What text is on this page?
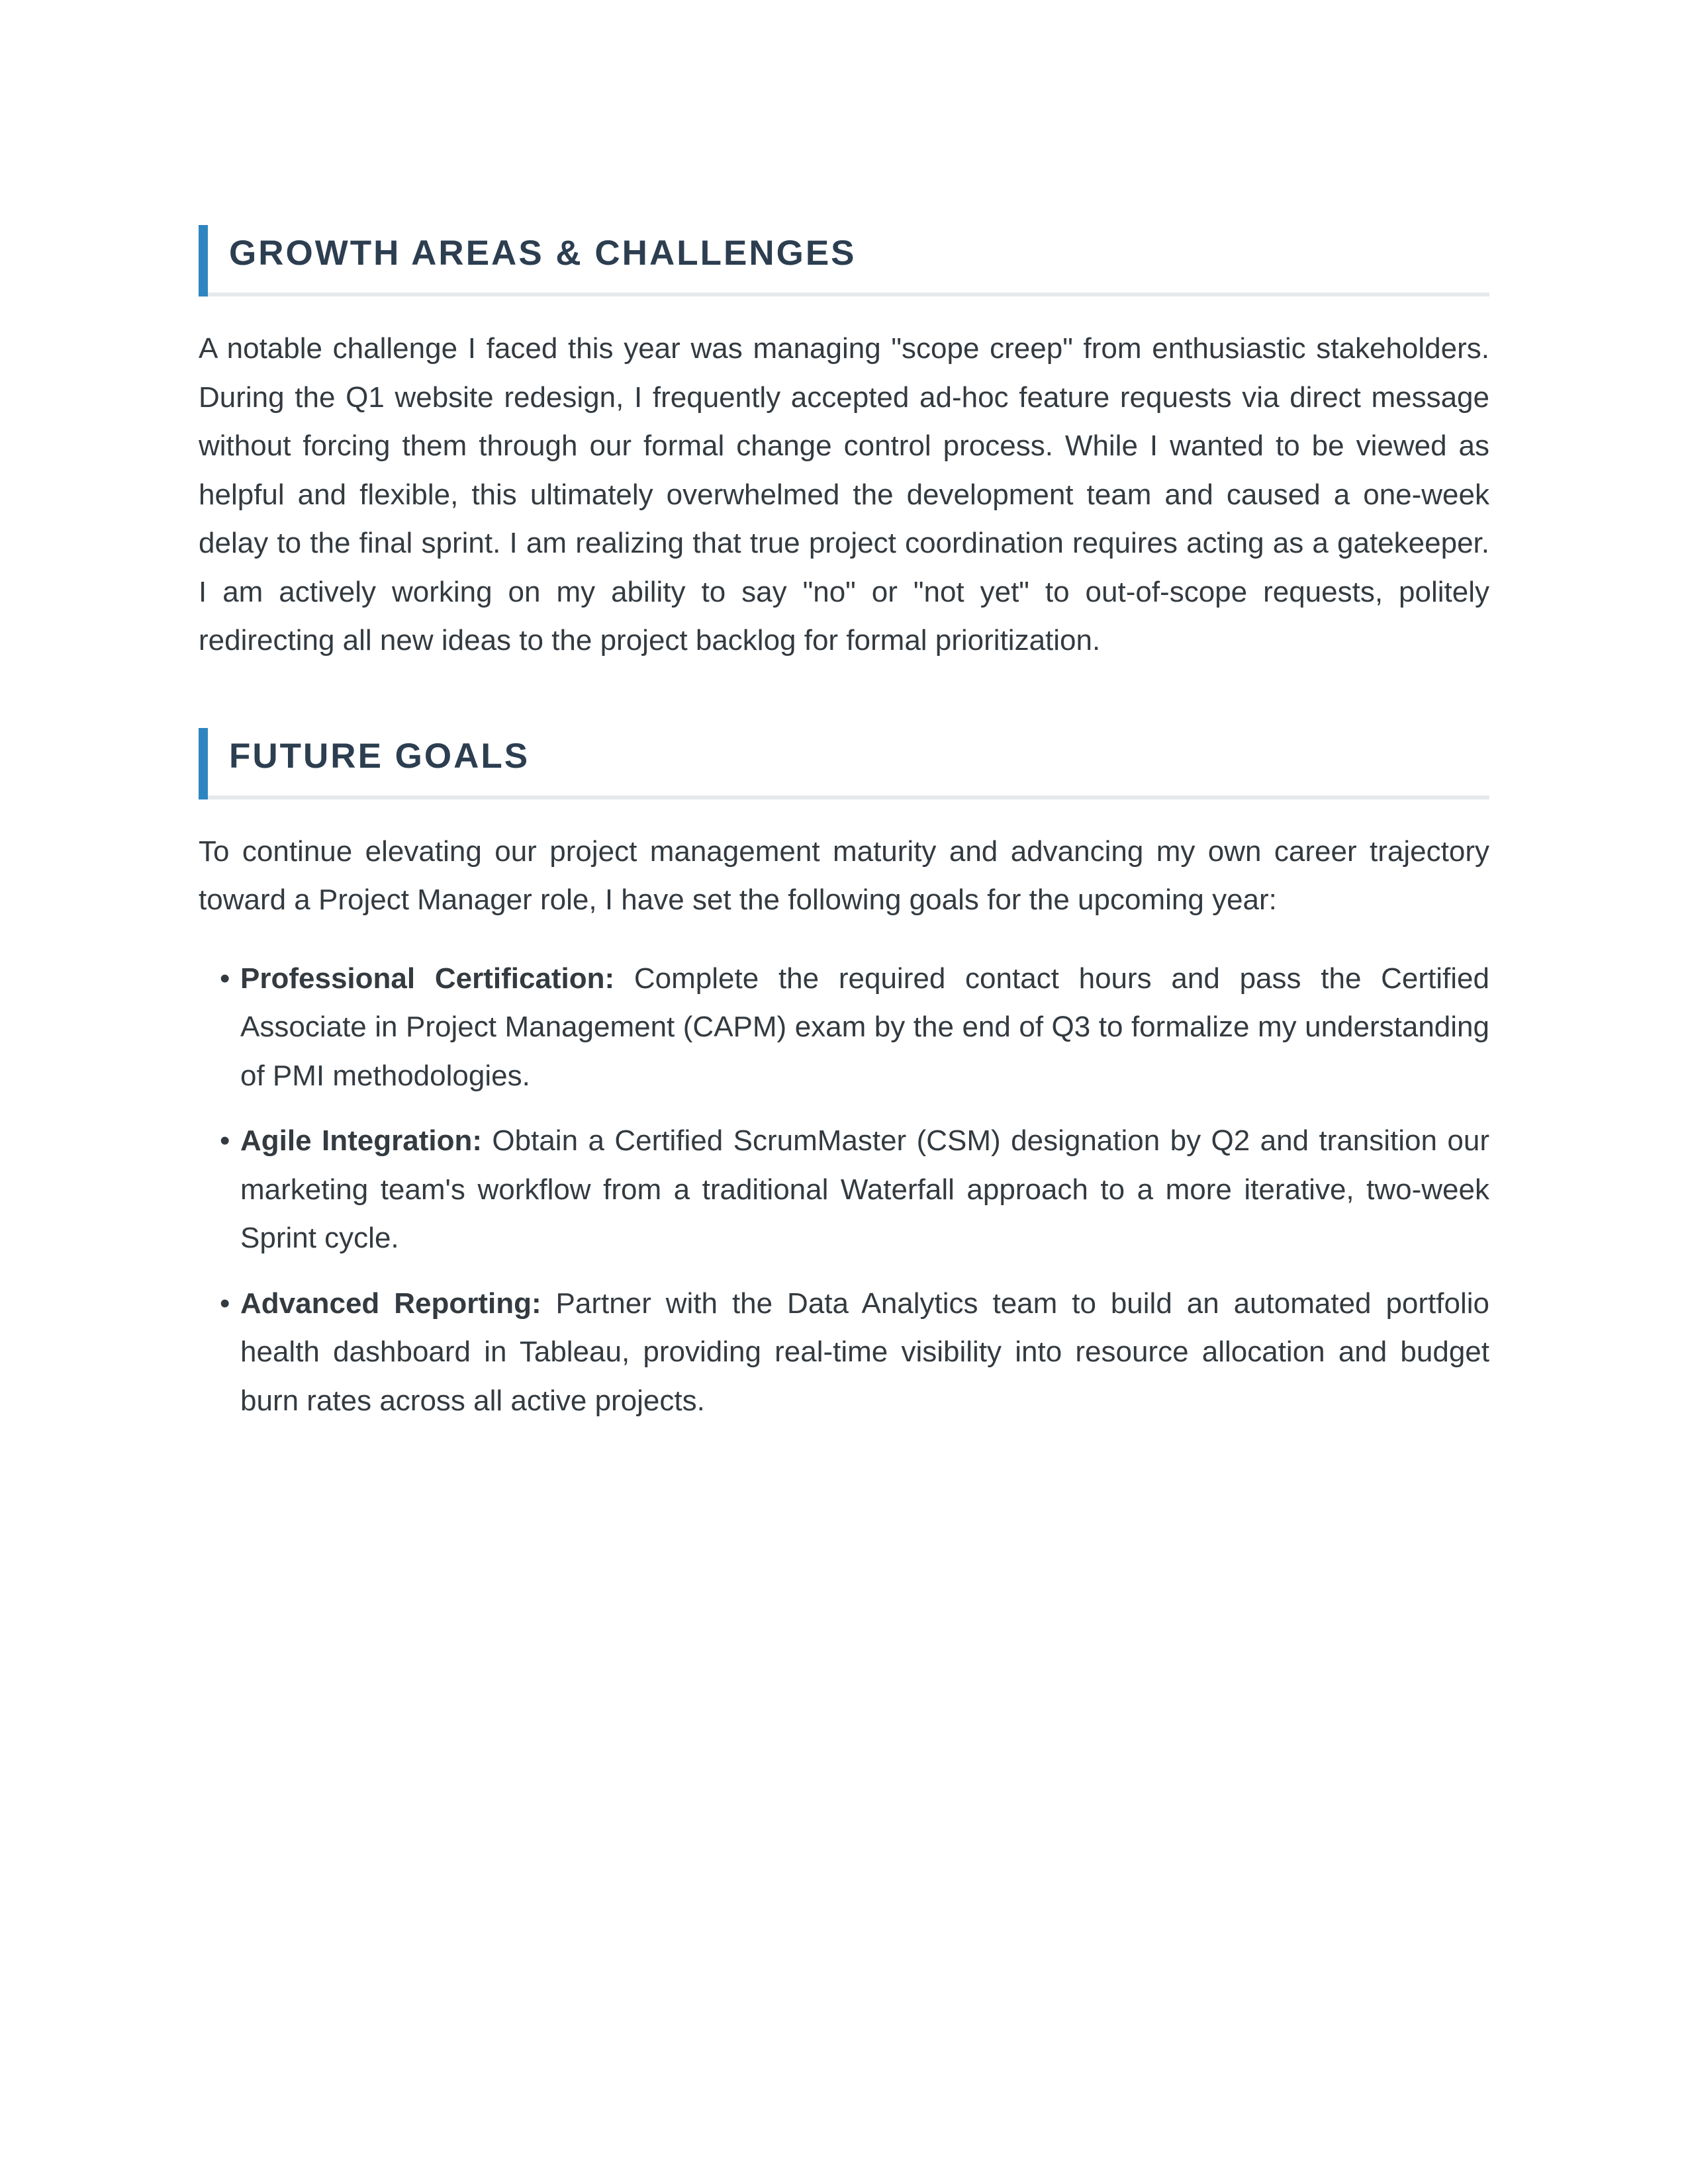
GROWTH AREAS & CHALLENGES

A notable challenge I faced this year was managing "scope creep" from enthusiastic stakeholders. During the Q1 website redesign, I frequently accepted ad-hoc feature requests via direct message without forcing them through our formal change control process. While I wanted to be viewed as helpful and flexible, this ultimately overwhelmed the development team and caused a one-week delay to the final sprint. I am realizing that true project coordination requires acting as a gatekeeper. I am actively working on my ability to say "no" or "not yet" to out-of-scope requests, politely redirecting all new ideas to the project backlog for formal prioritization.

FUTURE GOALS

To continue elevating our project management maturity and advancing my own career trajectory toward a Project Manager role, I have set the following goals for the upcoming year:

• Professional Certification: Complete the required contact hours and pass the Certified Associate in Project Management (CAPM) exam by the end of Q3 to formalize my understanding of PMI methodologies.
• Agile Integration: Obtain a Certified ScrumMaster (CSM) designation by Q2 and transition our marketing team's workflow from a traditional Waterfall approach to a more iterative, two-week Sprint cycle.
• Advanced Reporting: Partner with the Data Analytics team to build an automated portfolio health dashboard in Tableau, providing real-time visibility into resource allocation and budget burn rates across all active projects.
